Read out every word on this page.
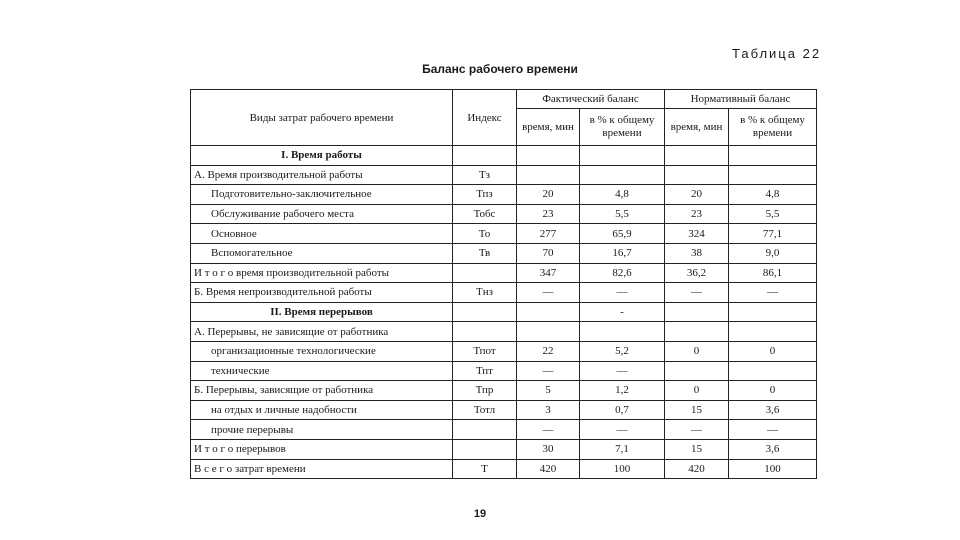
Таблица 22
Баланс рабочего времени
Виды затрат рабочего времени	Индекс	Фактический баланс		Нормативный баланс	
		время, мин	в % к общему времени	время, мин	в % к общему времени
I. Время работы					
А. Время производительной работы	Тз				
Подготовительно-заключительное	Тпз	20	4,8	20	4,8
Обслуживание рабочего места	Тобс	23	5,5	23	5,5
Основное	То	277	65,9	324	77,1
Вспомогательное	Тв	70	16,7	38	9,0
И т о г о время производительной работы		347	82,6	36,2	86,1
Б. Время непроизводительной работы	Тнз	—	—	—	—
II. Время перерывов			-		
А. Перерывы, не зависящие от работника					
организационные технологические	Тпот	22	5,2	0	0
технические	Тпт	—	—		
Б. Перерывы, зависящие от работника	Тпр	5	1,2	0	0
на отдых и личные надобности	Тотл	3	0,7	15	3,6
прочие перерывы		—	—	—	—
И т о г о перерывов		30	7,1	15	3,6
В с е г о затрат времени	Т	420	100	420	100
19
